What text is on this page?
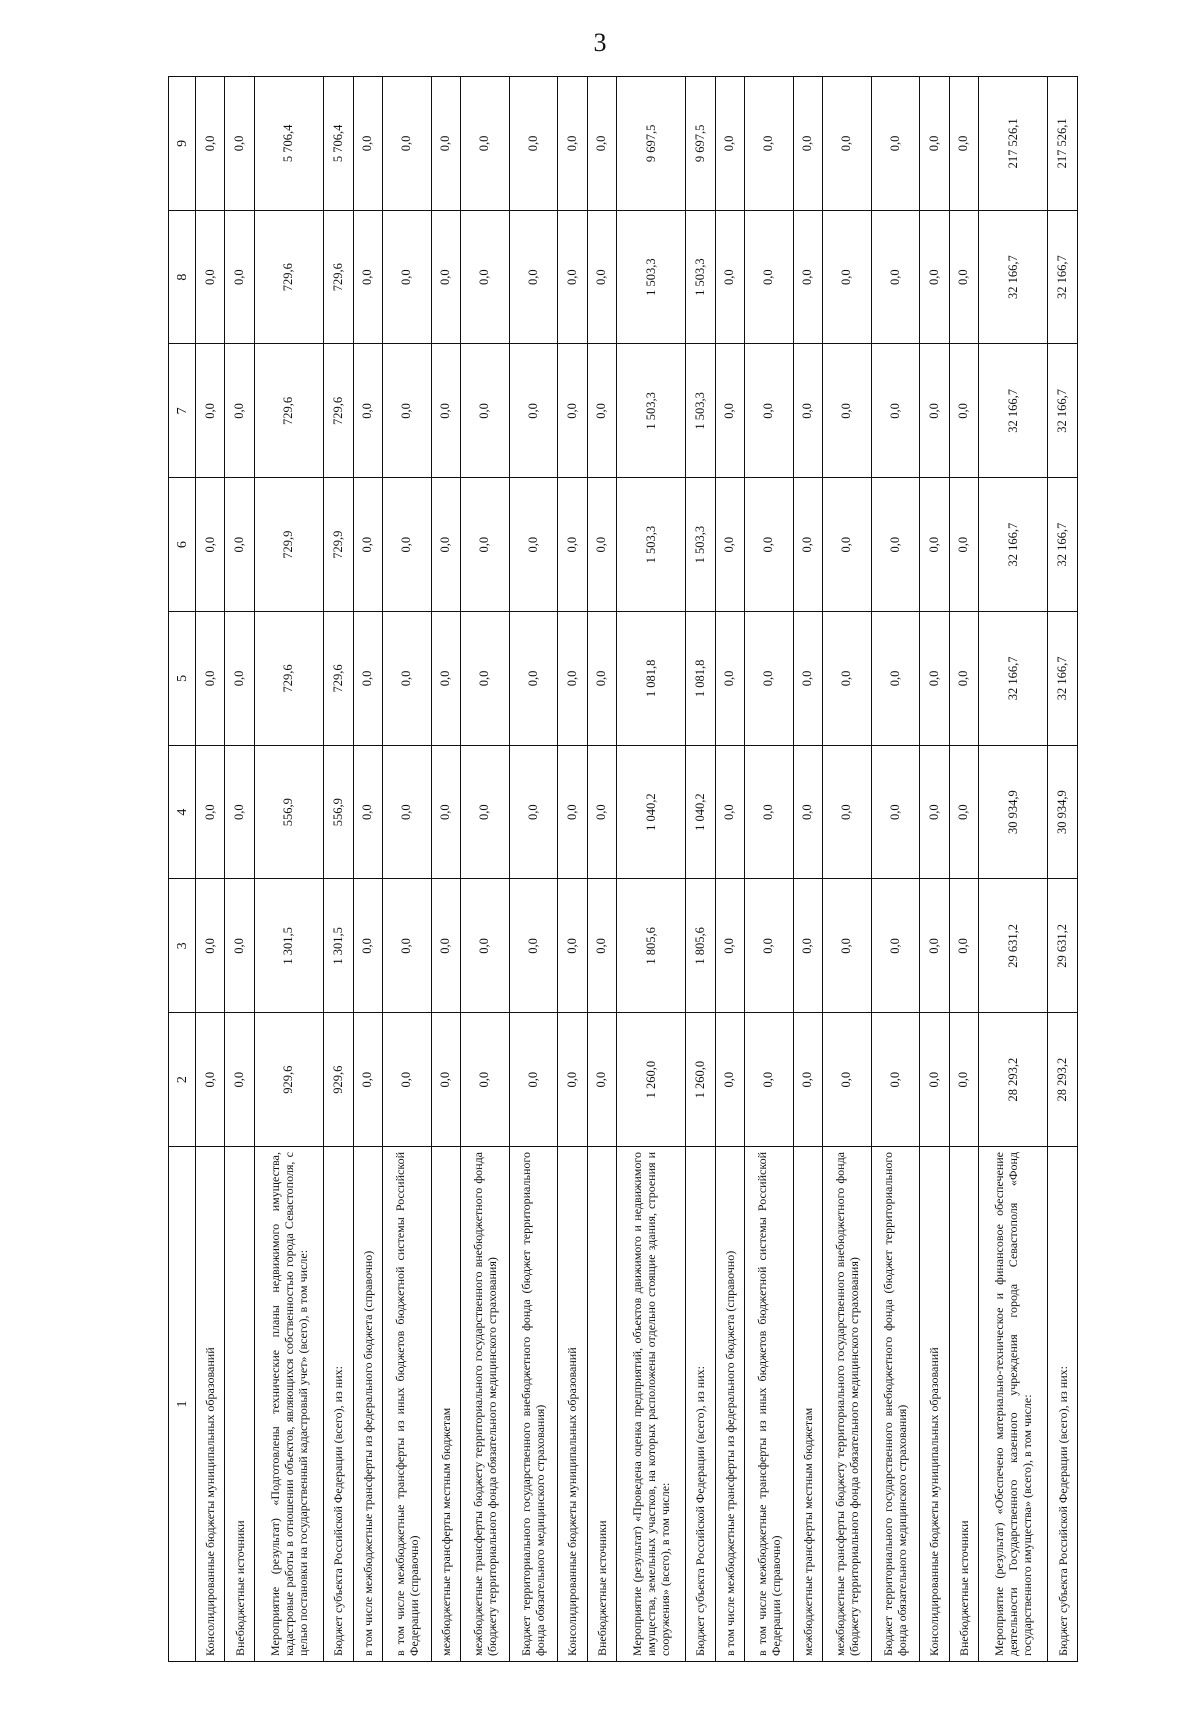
3
1	2	3	4	5	6	7	8	9
Консолидированные бюджеты муниципальных образований	0,0	0,0	0,0	0,0	0,0	0,0	0,0	0,0
Внебюджетные источники	0,0	0,0	0,0	0,0	0,0	0,0	0,0	0,0
Мероприятие (результат) «Подготовлены технические планы недвижимого имущества, кадастровые работы в отношении объектов, являющихся собственностью города Севастополя, с целью постановки на государственный кадастровый учет» (всего), в том числе:	929,6	1 301,5	556,9	729,6	729,9	729,6	729,6	5 706,4
Бюджет субъекта Российской Федерации (всего), из них:	929,6	1 301,5	556,9	729,6	729,9	729,6	729,6	5 706,4
в том числе межбюджетные трансферты из федерального бюджета (справочно)	0,0	0,0	0,0	0,0	0,0	0,0	0,0	0,0
в том числе межбюджетные трансферты из иных бюджетов бюджетной системы Российской Федерации (справочно)	0,0	0,0	0,0	0,0	0,0	0,0	0,0	0,0
межбюджетные трансферты местным бюджетам	0,0	0,0	0,0	0,0	0,0	0,0	0,0	0,0
межбюджетные трансферты бюджету территориального государственного внебюджетного фонда (бюджету территориального фонда обязательного медицинского страхования)	0,0	0,0	0,0	0,0	0,0	0,0	0,0	0,0
Бюджет территориального государственного внебюджетного фонда (бюджет территориального фонда обязательного медицинского страхования)	0,0	0,0	0,0	0,0	0,0	0,0	0,0	0,0
Консолидированные бюджеты муниципальных образований	0,0	0,0	0,0	0,0	0,0	0,0	0,0	0,0
Внебюджетные источники	0,0	0,0	0,0	0,0	0,0	0,0	0,0	0,0
Мероприятие (результат) «Проведена оценка предприятий, объектов движимого и недвижимого имущества, земельных участков, на которых расположены отдельно стоящие здания, строения и сооружения» (всего), в том числе:	1 260,0	1 805,6	1 040,2	1 081,8	1 503,3	1 503,3	1 503,3	9 697,5
Бюджет субъекта Российской Федерации (всего), из них:	1 260,0	1 805,6	1 040,2	1 081,8	1 503,3	1 503,3	1 503,3	9 697,5
в том числе межбюджетные трансферты из федерального бюджета (справочно)	0,0	0,0	0,0	0,0	0,0	0,0	0,0	0,0
в том числе межбюджетные трансферты из иных бюджетов бюджетной системы Российской Федерации (справочно)	0,0	0,0	0,0	0,0	0,0	0,0	0,0	0,0
межбюджетные трансферты местным бюджетам	0,0	0,0	0,0	0,0	0,0	0,0	0,0	0,0
межбюджетные трансферты бюджету территориального государственного внебюджетного фонда (бюджету территориального фонда обязательного медицинского страхования)	0,0	0,0	0,0	0,0	0,0	0,0	0,0	0,0
Бюджет территориального государственного внебюджетного фонда (бюджет территориального фонда обязательного медицинского страхования)	0,0	0,0	0,0	0,0	0,0	0,0	0,0	0,0
Консолидированные бюджеты муниципальных образований	0,0	0,0	0,0	0,0	0,0	0,0	0,0	0,0
Внебюджетные источники	0,0	0,0	0,0	0,0	0,0	0,0	0,0	0,0
Мероприятие (результат) «Обеспечено материально-техническое и финансовое обеспечение деятельности Государственного казенного учреждения города Севастополя «Фонд государственного имущества» (всего), в том числе:	28 293,2	29 631,2	30 934,9	32 166,7	32 166,7	32 166,7	32 166,7	217 526,1
Бюджет субъекта Российской Федерации (всего), из них:	28 293,2	29 631,2	30 934,9	32 166,7	32 166,7	32 166,7	32 166,7	217 526,1
